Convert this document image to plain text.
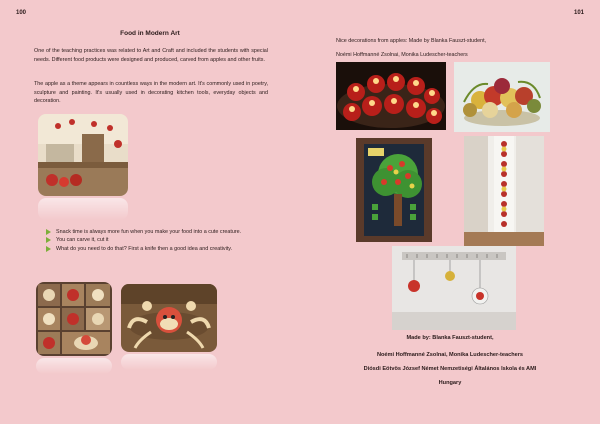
100
Food in Modern Art

One of the teaching practices was related to Art and Craft and included the students with special needs. Different food products were designed and produced, carved from apples and other fruits.

The apple as a theme appears in countless ways in the modern art. It's commonly used in poetry, sculpture and painting. It's usually used in decorating kitchen tools, everyday objects and decoration.

Snack time is always more fun when you make your food into a cute creature.
You can carve it, cut it
What do you need to do that? First a knife then a good idea and creativity.
101
Nice decorations from apples: Made by Blanka Fauszt-student,
Noémi Hoffmanné Zsolnai, Monika Ludescher-teachers
Made by: Blanka Fauszt-student,
Noémi Hoffmanné Zsolnai, Monika Ludescher-teachers
Diósdi Eötvös József Német Nemzetiségi Általános Iskola és AMI
Hungary
